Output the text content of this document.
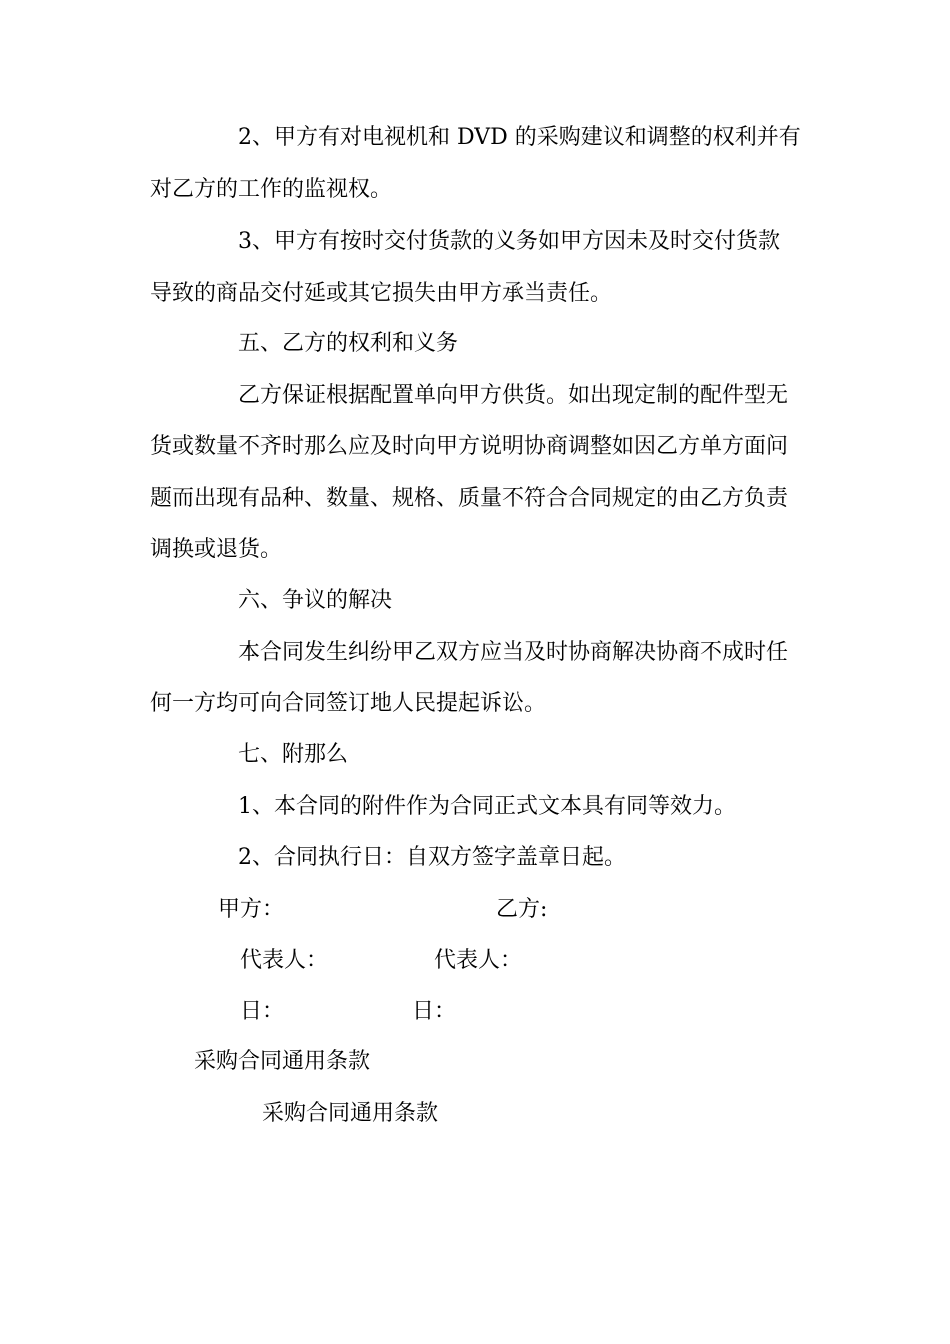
2、甲方有对电视机和 DVD 的采购建议和调整的权利并有
对乙方的工作的监视权。
3、甲方有按时交付货款的义务如甲方因未及时交付货款
导致的商品交付延或其它损失由甲方承当责任。
五、乙方的权利和义务
乙方保证根据配置单向甲方供货。如出现定制的配件型无
货或数量不齐时那么应及时向甲方说明协商调整如因乙方单方面问
题而出现有品种、数量、规格、质量不符合合同规定的由乙方负责
调换或退货。
六、争议的解决
本合同发生纠纷甲乙双方应当及时协商解决协商不成时任
何一方均可向合同签订地人民提起诉讼。
七、附那么
1、本合同的附件作为合同正式文本具有同等效力。
2、合同执行日：自双方签字盖章日起。
甲方：	乙方:
代表人：	代表人：
日：	日：
采购合同通用条款
采购合同通用条款
